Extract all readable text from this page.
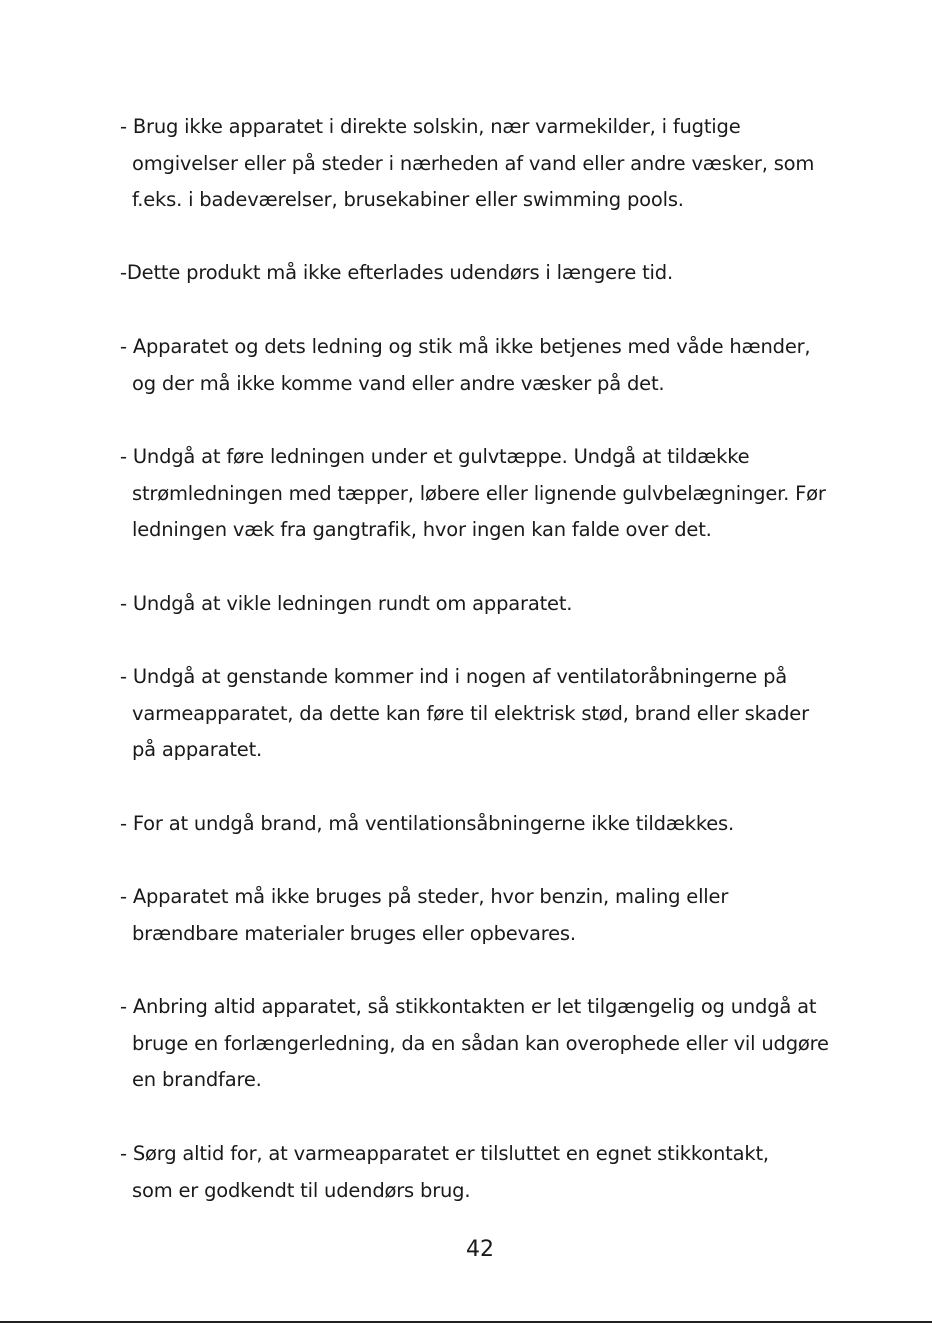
- Brug ikke apparatet i direkte solskin, nær varmekilder, i fugtige
omgivelser eller på steder i nærheden af vand eller andre væsker, som
f.eks. i badeværelser, brusekabiner eller swimming pools.
-Dette produkt må ikke efterlades udendørs i længere tid.
- Apparatet og dets ledning og stik må ikke betjenes med våde hænder,
og der må ikke komme vand eller andre væsker på det.
- Undgå at føre ledningen under et gulvtæppe. Undgå at tildække
strømledningen med tæpper, løbere eller lignende gulvbelægninger. Før
ledningen væk fra gangtrafik, hvor ingen kan falde over det.
- Undgå at vikle ledningen rundt om apparatet.
- Undgå at genstande kommer ind i nogen af ventilatoråbningerne på
varmeapparatet, da dette kan føre til elektrisk stød, brand eller skader
på apparatet.
- For at undgå brand, må ventilationsåbningerne ikke tildækkes.
- Apparatet må ikke bruges på steder, hvor benzin, maling eller
brændbare materialer bruges eller opbevares.
- Anbring altid apparatet, så stikkontakten er let tilgængelig og undgå at
bruge en forlængerledning, da en sådan kan overophede eller vil udgøre
en brandfare.
- Sørg altid for, at varmeapparatet er tilsluttet en egnet stikkontakt,
som er godkendt til udendørs brug.
42
